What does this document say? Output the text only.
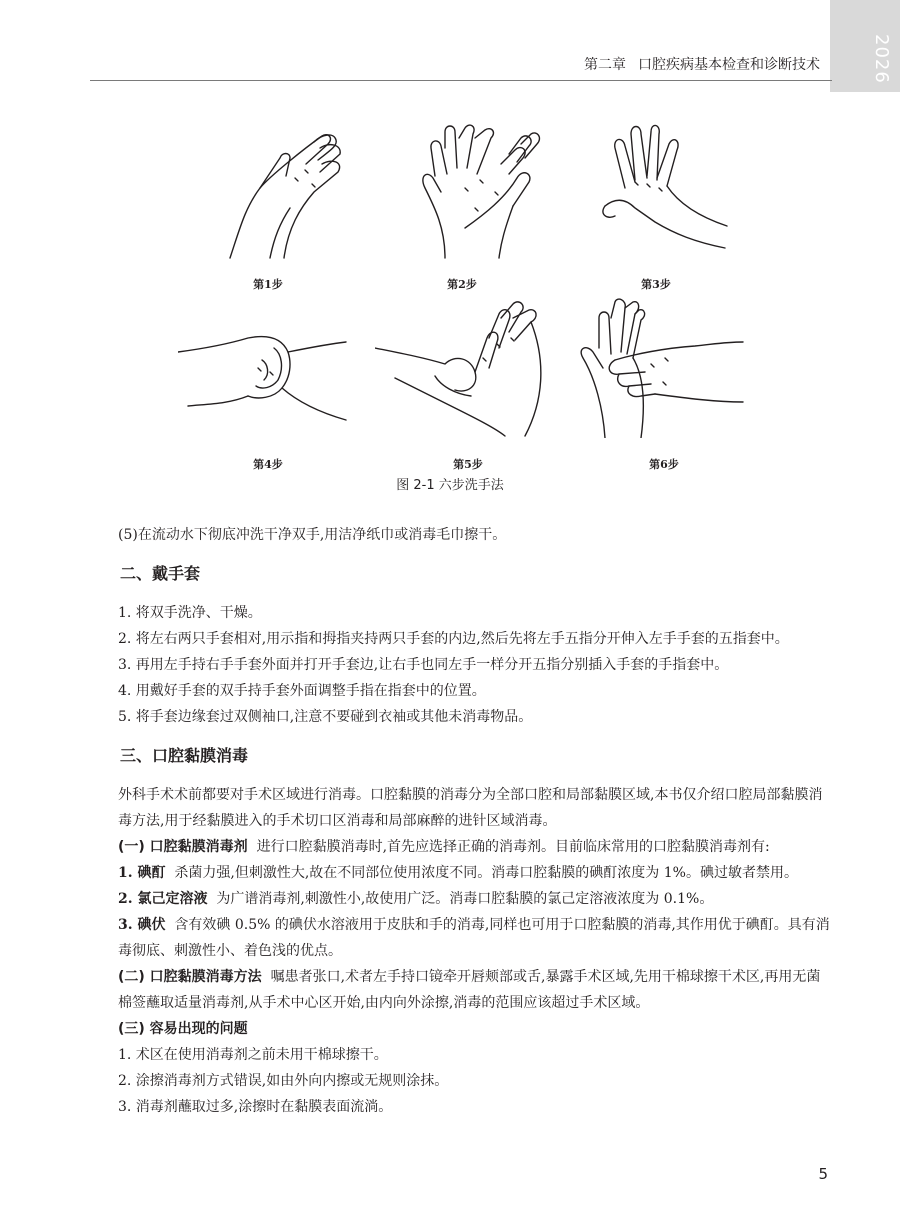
2026
第二章 口腔疾病基本检查和诊断技术
第1步	第2步	第3步
第4步	第5步	第6步
图 2-1 六步洗手法

(5)在流动水下彻底冲洗干净双手,用洁净纸巾或消毒毛巾擦干。

二、戴手套

1. 将双手洗净、干燥。

2. 将左右两只手套相对,用示指和拇指夹持两只手套的内边,然后先将左手五指分开伸入左手手套的五指套中。

3. 再用左手持右手手套外面并打开手套边,让右手也同左手一样分开五指分别插入手套的手指套中。

4. 用戴好手套的双手持手套外面调整手指在指套中的位置。

5. 将手套边缘套过双侧袖口,注意不要碰到衣袖或其他未消毒物品。

三、口腔黏膜消毒

外科手术术前都要对手术区域进行消毒。口腔黏膜的消毒分为全部口腔和局部黏膜区域,本书仅介绍口腔局部黏膜消毒方法,用于经黏膜进入的手术切口区消毒和局部麻醉的进针区域消毒。

(一) 口腔黏膜消毒剂 进行口腔黏膜消毒时,首先应选择正确的消毒剂。目前临床常用的口腔黏膜消毒剂有:

1. 碘酊 杀菌力强,但刺激性大,故在不同部位使用浓度不同。消毒口腔黏膜的碘酊浓度为 1%。碘过敏者禁用。

2. 氯己定溶液 为广谱消毒剂,刺激性小,故使用广泛。消毒口腔黏膜的氯己定溶液浓度为 0.1%。

3. 碘伏 含有效碘 0.5% 的碘伏水溶液用于皮肤和手的消毒,同样也可用于口腔黏膜的消毒,其作用优于碘酊。具有消毒彻底、刺激性小、着色浅的优点。

(二) 口腔黏膜消毒方法 嘱患者张口,术者左手持口镜牵开唇颊部或舌,暴露手术区域,先用干棉球擦干术区,再用无菌棉签蘸取适量消毒剂,从手术中心区开始,由内向外涂擦,消毒的范围应该超过手术区域。

(三) 容易出现的问题

1. 术区在使用消毒剂之前未用干棉球擦干。

2. 涂擦消毒剂方式错误,如由外向内擦或无规则涂抹。

3. 消毒剂蘸取过多,涂擦时在黏膜表面流淌。

5
